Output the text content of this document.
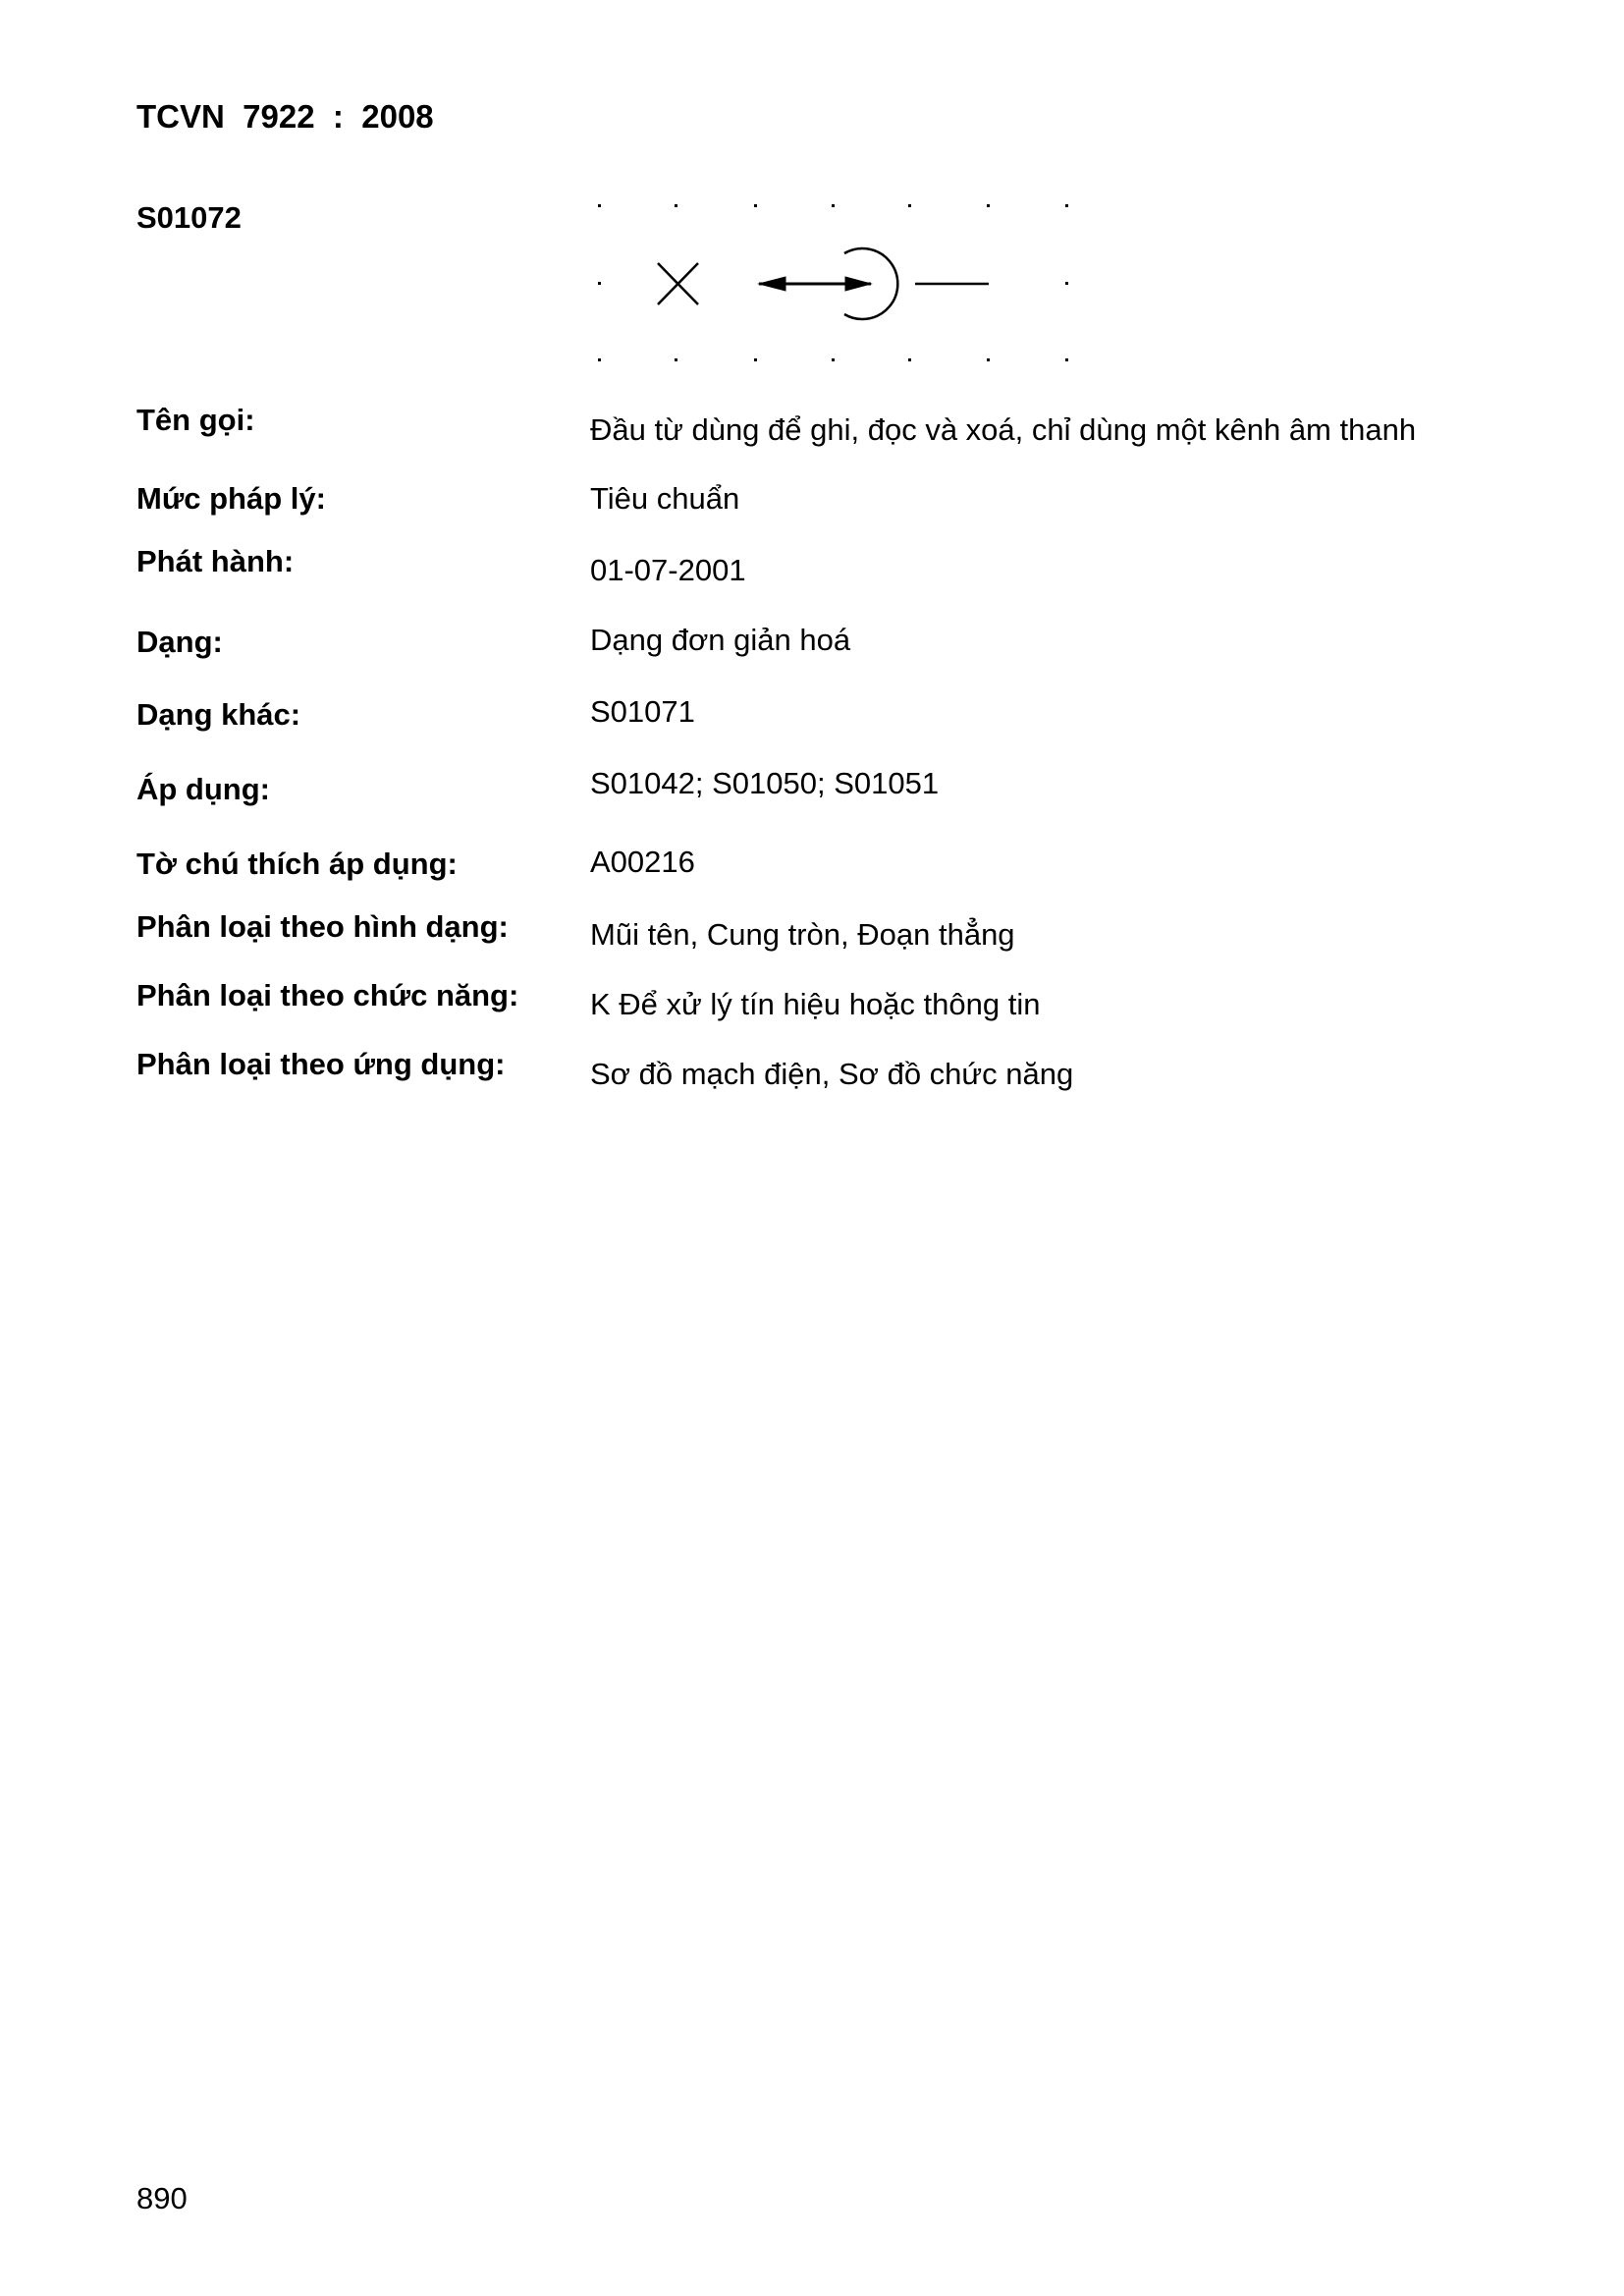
TCVN  7922  :  2008
S01072
Tên gọi:	Đầu từ dùng để ghi, đọc và xoá, chỉ dùng một kênh âm thanh
Mức pháp lý:	Tiêu chuẩn
Phát hành:	01-07-2001
Dạng:	Dạng đơn giản hoá
Dạng khác:	S01071
Áp dụng:	S01042; S01050; S01051
Tờ chú thích áp dụng:	A00216
Phân loại theo hình dạng:	Mũi tên, Cung tròn, Đoạn thẳng
Phân loại theo chức năng: K Để xử lý tín hiệu hoặc thông tin
Phân loại theo ứng dụng:	Sơ đồ mạch điện, Sơ đồ chức năng
890
